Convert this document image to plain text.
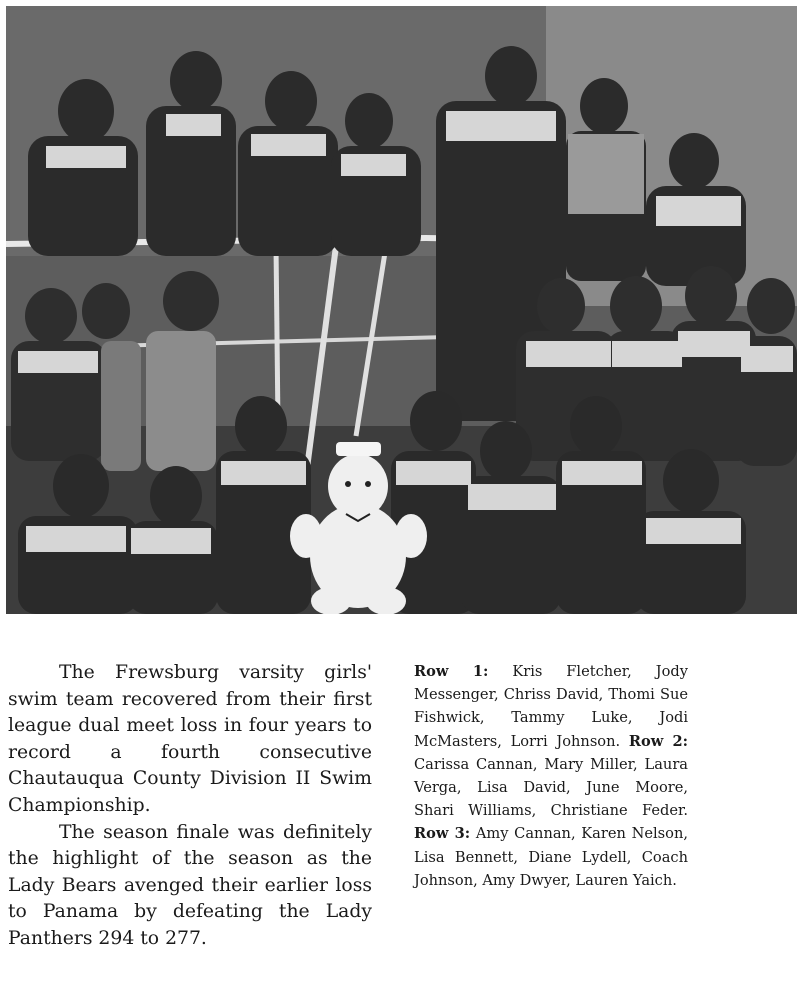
The Frewsburg varsity girls' swim team recovered from their first league dual meet loss in four years to record a fourth consecutive Chautauqua County Division II Swim Championship.

The season finale was definitely the highlight of the season as the Lady Bears avenged their earlier loss to Panama by defeating the Lady Panthers 294 to 277.

Row 1: Kris Fletcher, Jody Messenger, Chriss David, Thomi Sue Fishwick, Tammy Luke, Jodi McMasters, Lorri Johnson. Row 2: Carissa Cannan, Mary Miller, Laura Verga, Lisa David, June Moore, Shari Williams, Christiane Feder. Row 3: Amy Cannan, Karen Nelson, Lisa Bennett, Diane Lydell, Coach Johnson, Amy Dwyer, Lauren Yaich.
